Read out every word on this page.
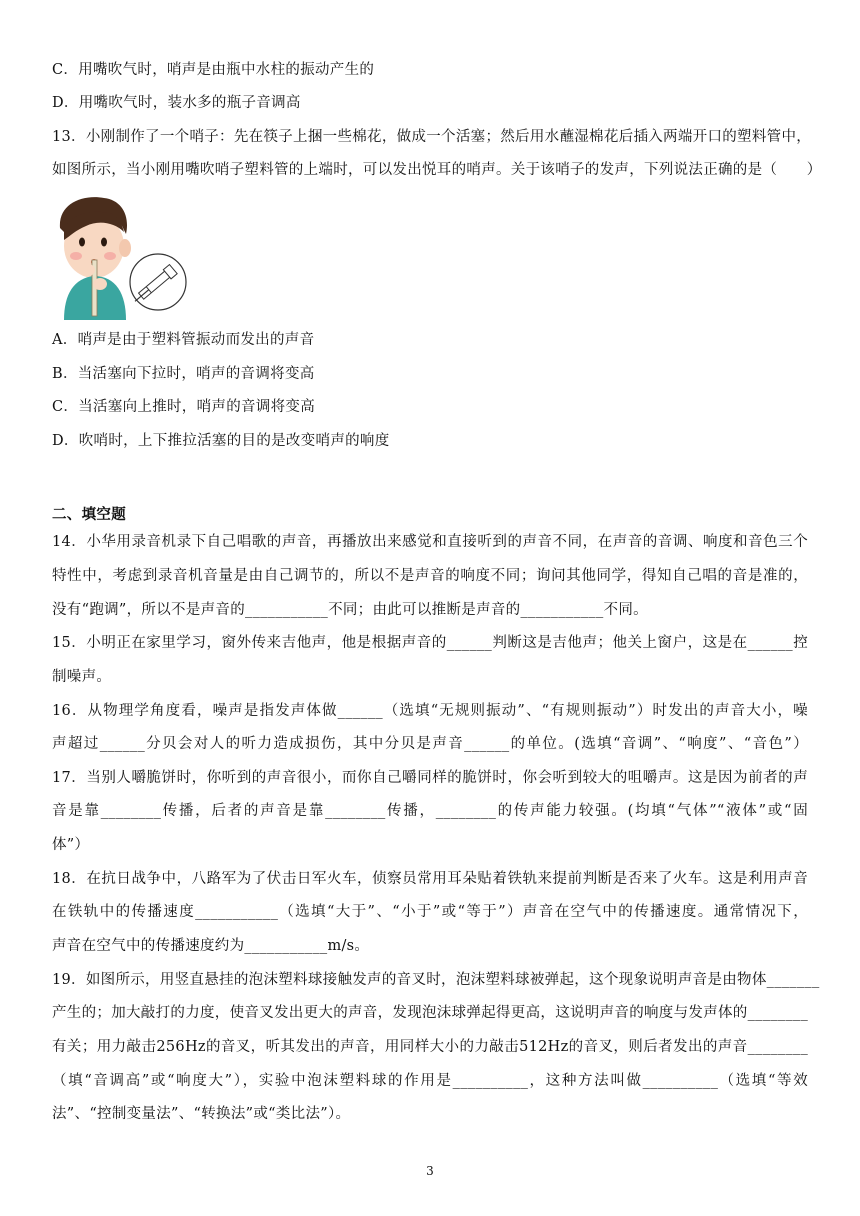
C．用嘴吹气时，哨声是由瓶中水柱的振动产生的
D．用嘴吹气时，装水多的瓶子音调高
13．小刚制作了一个哨子：先在筷子上捆一些棉花，做成一个活塞；然后用水蘸湿棉花后插入两端开口的塑料管中，
如图所示，当小刚用嘴吹哨子塑料管的上端时，可以发出悦耳的哨声。关于该哨子的发声，下列说法正确的是（　　）
A．哨声是由于塑料管振动而发出的声音
B．当活塞向下拉时，哨声的音调将变高
C．当活塞向上推时，哨声的音调将变高
D．吹哨时，上下推拉活塞的目的是改变哨声的响度
二、填空题
14．小华用录音机录下自己唱歌的声音，再播放出来感觉和直接听到的声音不同，在声音的音调、响度和音色三个
特性中，考虑到录音机音量是由自己调节的，所以不是声音的响度不同；询问其他同学，得知自己唱的音是准的，
没有“跑调”，所以不是声音的___________不同；由此可以推断是声音的___________不同。
15．小明正在家里学习，窗外传来吉他声，他是根据声音的______判断这是吉他声；他关上窗户，这是在______控
制噪声。
16．从物理学角度看，噪声是指发声体做______（选填“无规则振动”、“有规则振动”）时发出的声音大小，噪
声超过______分贝会对人的听力造成损伤，其中分贝是声音______的单位。(选填“音调”、“响度”、“音色”）
17．当别人嚼脆饼时，你听到的声音很小，而你自己嚼同样的脆饼时，你会听到较大的咀嚼声。这是因为前者的声
音是靠________传播，后者的声音是靠________传播，________的传声能力较强。(均填“气体”“液体”或“固
体”）
18．在抗日战争中，八路军为了伏击日军火车，侦察员常用耳朵贴着铁轨来提前判断是否来了火车。这是利用声音
在铁轨中的传播速度___________（选填“大于”、“小于”或“等于”）声音在空气中的传播速度。通常情况下，
声音在空气中的传播速度约为___________m/s。
19．如图所示，用竖直悬挂的泡沫塑料球接触发声的音叉时，泡沫塑料球被弹起，这个现象说明声音是由物体_______
产生的；加大敲打的力度，使音叉发出更大的声音，发现泡沫球弹起得更高，这说明声音的响度与发声体的________
有关；用力敲击256Hz的音叉，听其发出的声音，用同样大小的力敲击512Hz的音叉，则后者发出的声音________
（填“音调高”或“响度大”），实验中泡沫塑料球的作用是__________，这种方法叫做__________（选填“等效
法”、“控制变量法”、“转换法”或“类比法”）。
3
